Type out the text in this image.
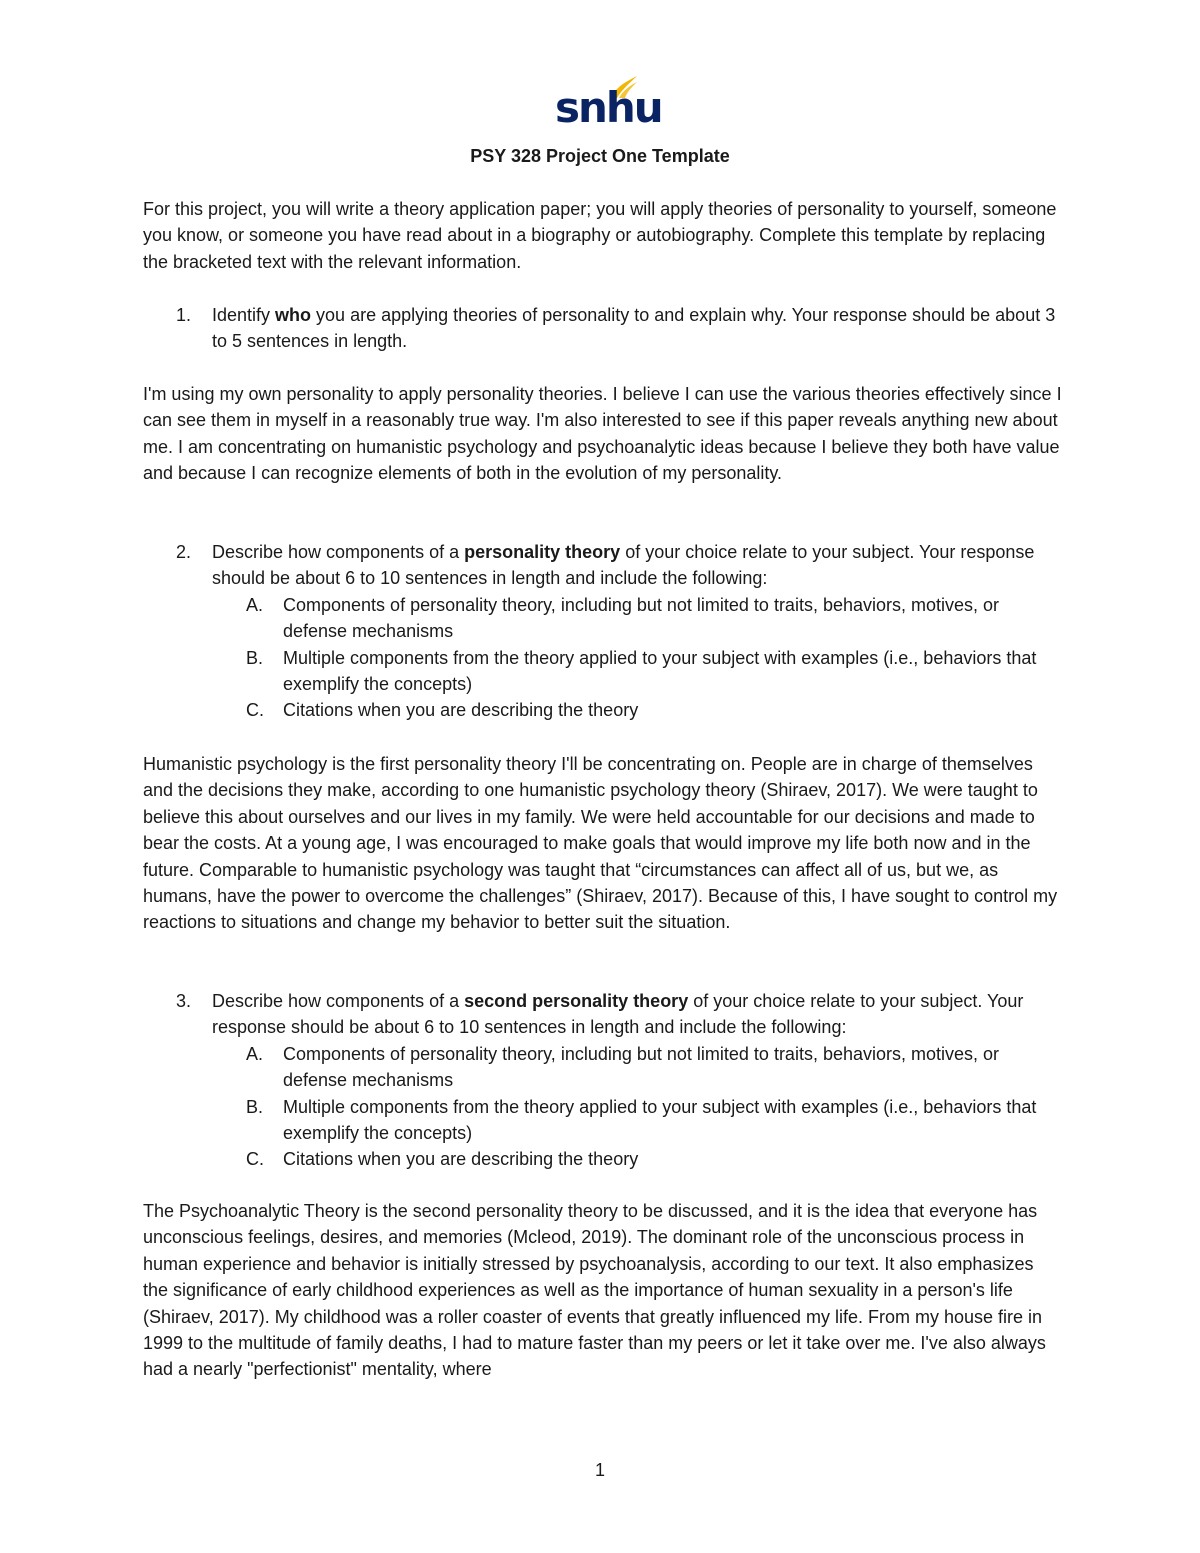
snhu
PSY 328 Project One Template

For this project, you will write a theory application paper; you will apply theories of personality to yourself, someone you know, or someone you have read about in a biography or autobiography. Complete this template by replacing the bracketed text with the relevant information.

1. Identify who you are applying theories of personality to and explain why. Your response should be about 3 to 5 sentences in length.

I'm using my own personality to apply personality theories. I believe I can use the various theories effectively since I can see them in myself in a reasonably true way. I'm also interested to see if this paper reveals anything new about me. I am concentrating on humanistic psychology and psychoanalytic ideas because I believe they both have value and because I can recognize elements of both in the evolution of my personality.

2. Describe how components of a personality theory of your choice relate to your subject. Your response should be about 6 to 10 sentences in length and include the following:
A. Components of personality theory, including but not limited to traits, behaviors, motives, or defense mechanisms
B. Multiple components from the theory applied to your subject with examples (i.e., behaviors that exemplify the concepts)
C. Citations when you are describing the theory

Humanistic psychology is the first personality theory I'll be concentrating on. People are in charge of themselves and the decisions they make, according to one humanistic psychology theory (Shiraev, 2017). We were taught to believe this about ourselves and our lives in my family. We were held accountable for our decisions and made to bear the costs. At a young age, I was encouraged to make goals that would improve my life both now and in the future. Comparable to humanistic psychology was taught that “circumstances can affect all of us, but we, as humans, have the power to overcome the challenges” (Shiraev, 2017). Because of this, I have sought to control my reactions to situations and change my behavior to better suit the situation.

3. Describe how components of a second personality theory of your choice relate to your subject. Your response should be about 6 to 10 sentences in length and include the following:
A. Components of personality theory, including but not limited to traits, behaviors, motives, or defense mechanisms
B. Multiple components from the theory applied to your subject with examples (i.e., behaviors that exemplify the concepts)
C. Citations when you are describing the theory

The Psychoanalytic Theory is the second personality theory to be discussed, and it is the idea that everyone has unconscious feelings, desires, and memories (Mcleod, 2019). The dominant role of the unconscious process in human experience and behavior is initially stressed by psychoanalysis, according to our text. It also emphasizes the significance of early childhood experiences as well as the importance of human sexuality in a person's life (Shiraev, 2017). My childhood was a roller coaster of events that greatly influenced my life. From my house fire in 1999 to the multitude of family deaths, I had to mature faster than my peers or let it take over me. I've also always had a nearly "perfectionist" mentality, where

1
